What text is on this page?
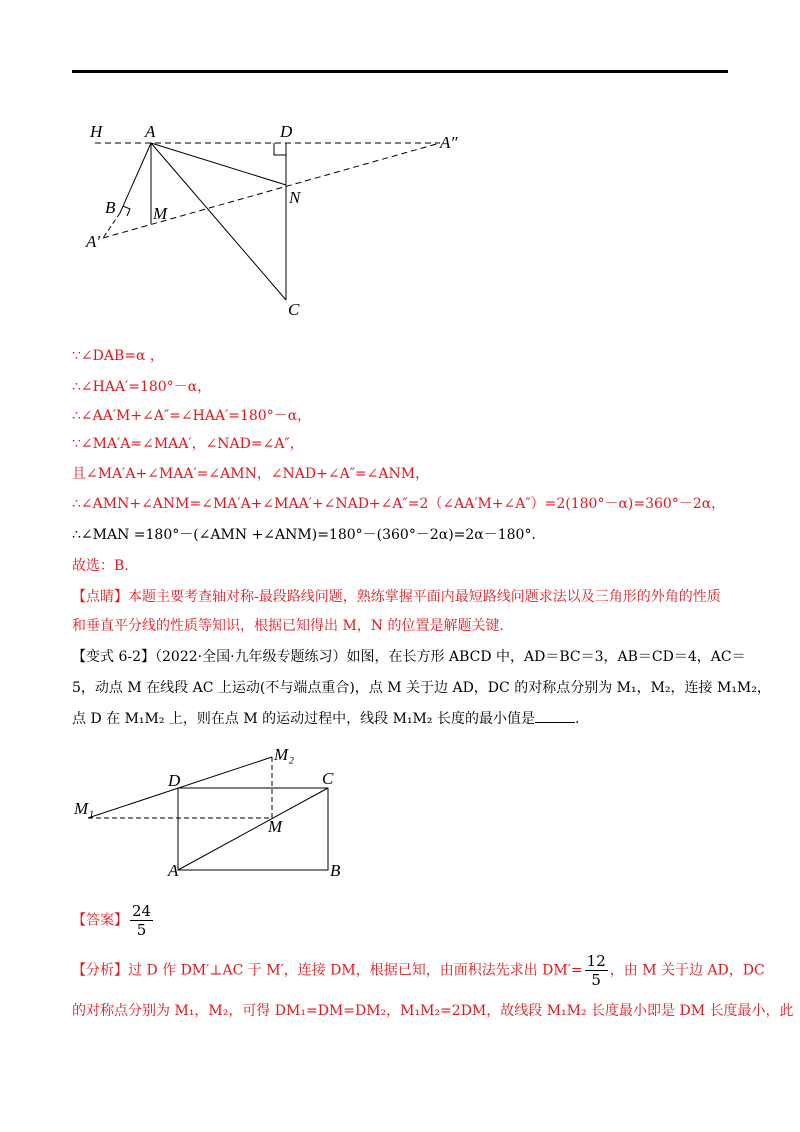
H	A	D
A″
B M
N
A′
C
∵∠DAB=α ，
∴∠HAA′=180°－α，
∴∠AA′M+∠A″=∠HAA′=180°－α，
∵∠MA′A=∠MAA′，∠NAD=∠A″，
且∠MA′A+∠MAA′=∠AMN，∠NAD+∠A″=∠ANM，
∴∠AMN+∠ANM=∠MA′A+∠MAA′+∠NAD+∠A″=2（∠AA′M+∠A″）=2(180°－α)=360°－2α，
∴∠MAN =180°－(∠AMN +∠ANM)=180°－(360°－2α)=2α－180°.
故选：B.
【点睛】本题主要考查轴对称-最段路线问题，熟练掌握平面内最短路线问题求法以及三角形的外角的性质
和垂直平分线的性质等知识，根据已知得出 M，N 的位置是解题关键.
【变式 6-2】（2022·全国·九年级专题练习）如图，在长方形 ABCD 中，AD＝BC＝3，AB＝CD＝4，AC＝
5，动点 M 在线段 AC 上运动(不与端点重合)，点 M 关于边 AD，DC 的对称点分别为 M₁，M₂，连接 M₁M₂，
点 D 在 M₁M₂ 上，则在点 M 的运动过程中，线段 M₁M₂ 长度的最小值是	.
M₂
D	C
M₁
M
A	B
【答案】 $\frac{24}{5}$
【分析】过 D 作 DM′⊥AC 于 M′，连接 DM，根据已知，由面积法先求出 $DM'= \frac{12}{5}$ ，由 M 关于边 AD，DC
的对称点分别为 M₁，M₂，可得 DM₁=DM=DM₂，M₁M₂=2DM，故线段 M₁M₂ 长度最小即是 DM 长度最小，此
